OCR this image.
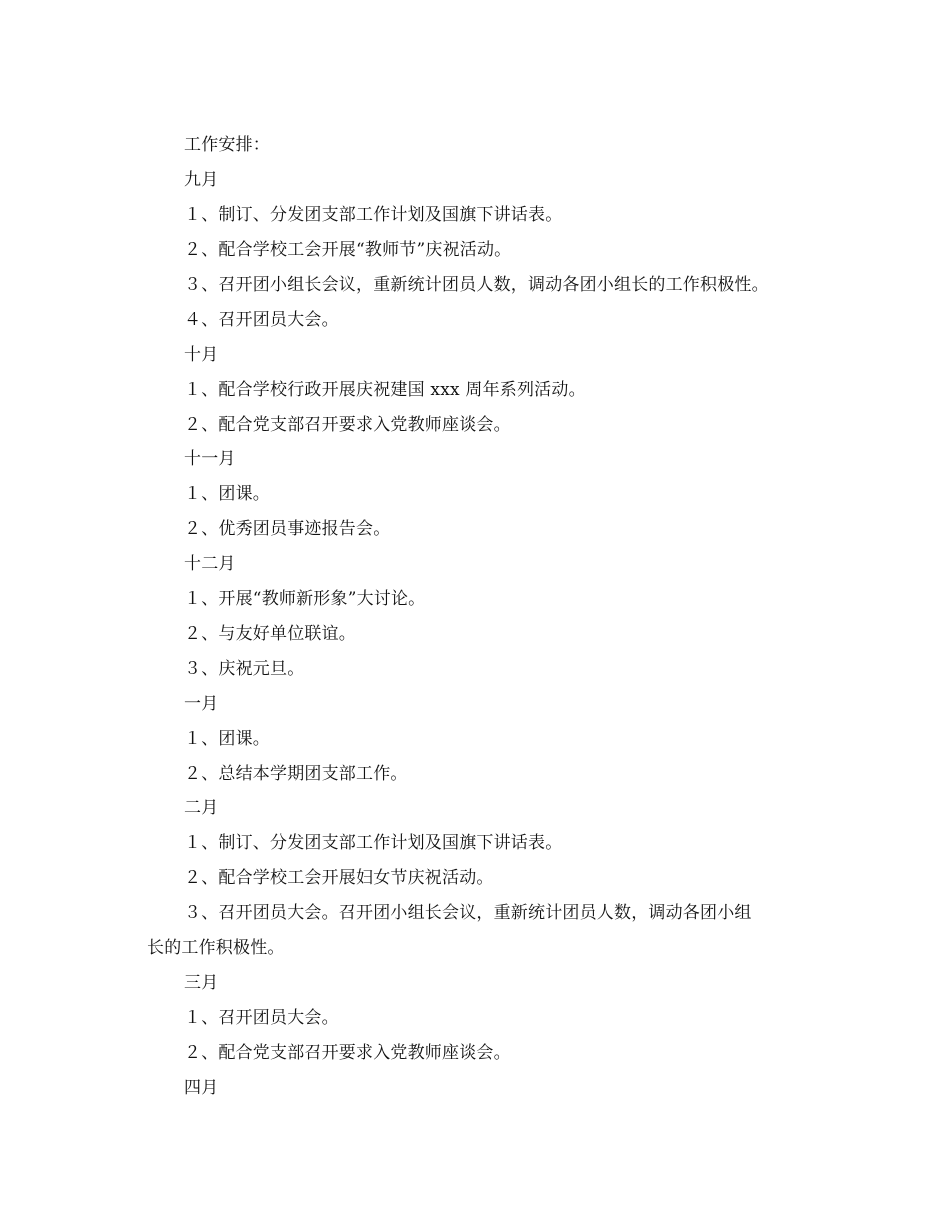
工作安排：
九月
１、制订、分发团支部工作计划及国旗下讲话表。
２、配合学校工会开展“教师节”庆祝活动。
３、召开团小组长会议，重新统计团员人数，调动各团小组长的工作积极性。
４、召开团员大会。
十月
１、配合学校行政开展庆祝建国 xxx 周年系列活动。
２、配合党支部召开要求入党教师座谈会。
十一月
１、团课。
２、优秀团员事迹报告会。
十二月
１、开展“教师新形象”大讨论。
２、与友好单位联谊。
３、庆祝元旦。
一月
１、团课。
２、总结本学期团支部工作。
二月
１、制订、分发团支部工作计划及国旗下讲话表。
２、配合学校工会开展妇女节庆祝活动。
３、召开团员大会。召开团小组长会议，重新统计团员人数，调动各团小组
长的工作积极性。
三月
１、召开团员大会。
２、配合党支部召开要求入党教师座谈会。
四月
